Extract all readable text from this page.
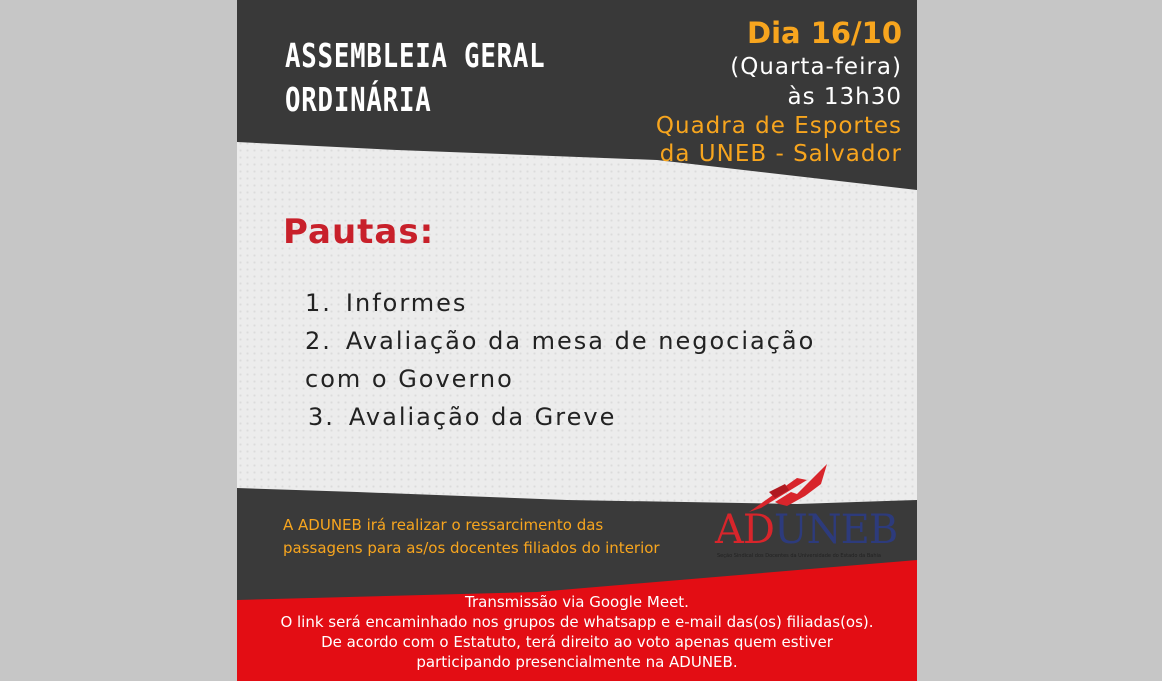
ASSEMBLEIA GERAL
ORDINÁRIA
Dia 16/10
(Quarta-feira)
às 13h30
Quadra de Esportes
da UNEB - Salvador
Pautas:
1. Informes
2. Avaliação da mesa de negociação
com o Governo
3. Avaliação da Greve

A ADUNEB irá realizar o ressarcimento das
passagens para as/os docentes filiados do interior ADUNEB
Seção Sindical dos Docentes da Universidade do Estado da Bahia

Transmissão via Google Meet.
O link será encaminhado nos grupos de whatsapp e e-mail das(os) filiadas(os).
De acordo com o Estatuto, terá direito ao voto apenas quem estiver
participando presencialmente na ADUNEB.
